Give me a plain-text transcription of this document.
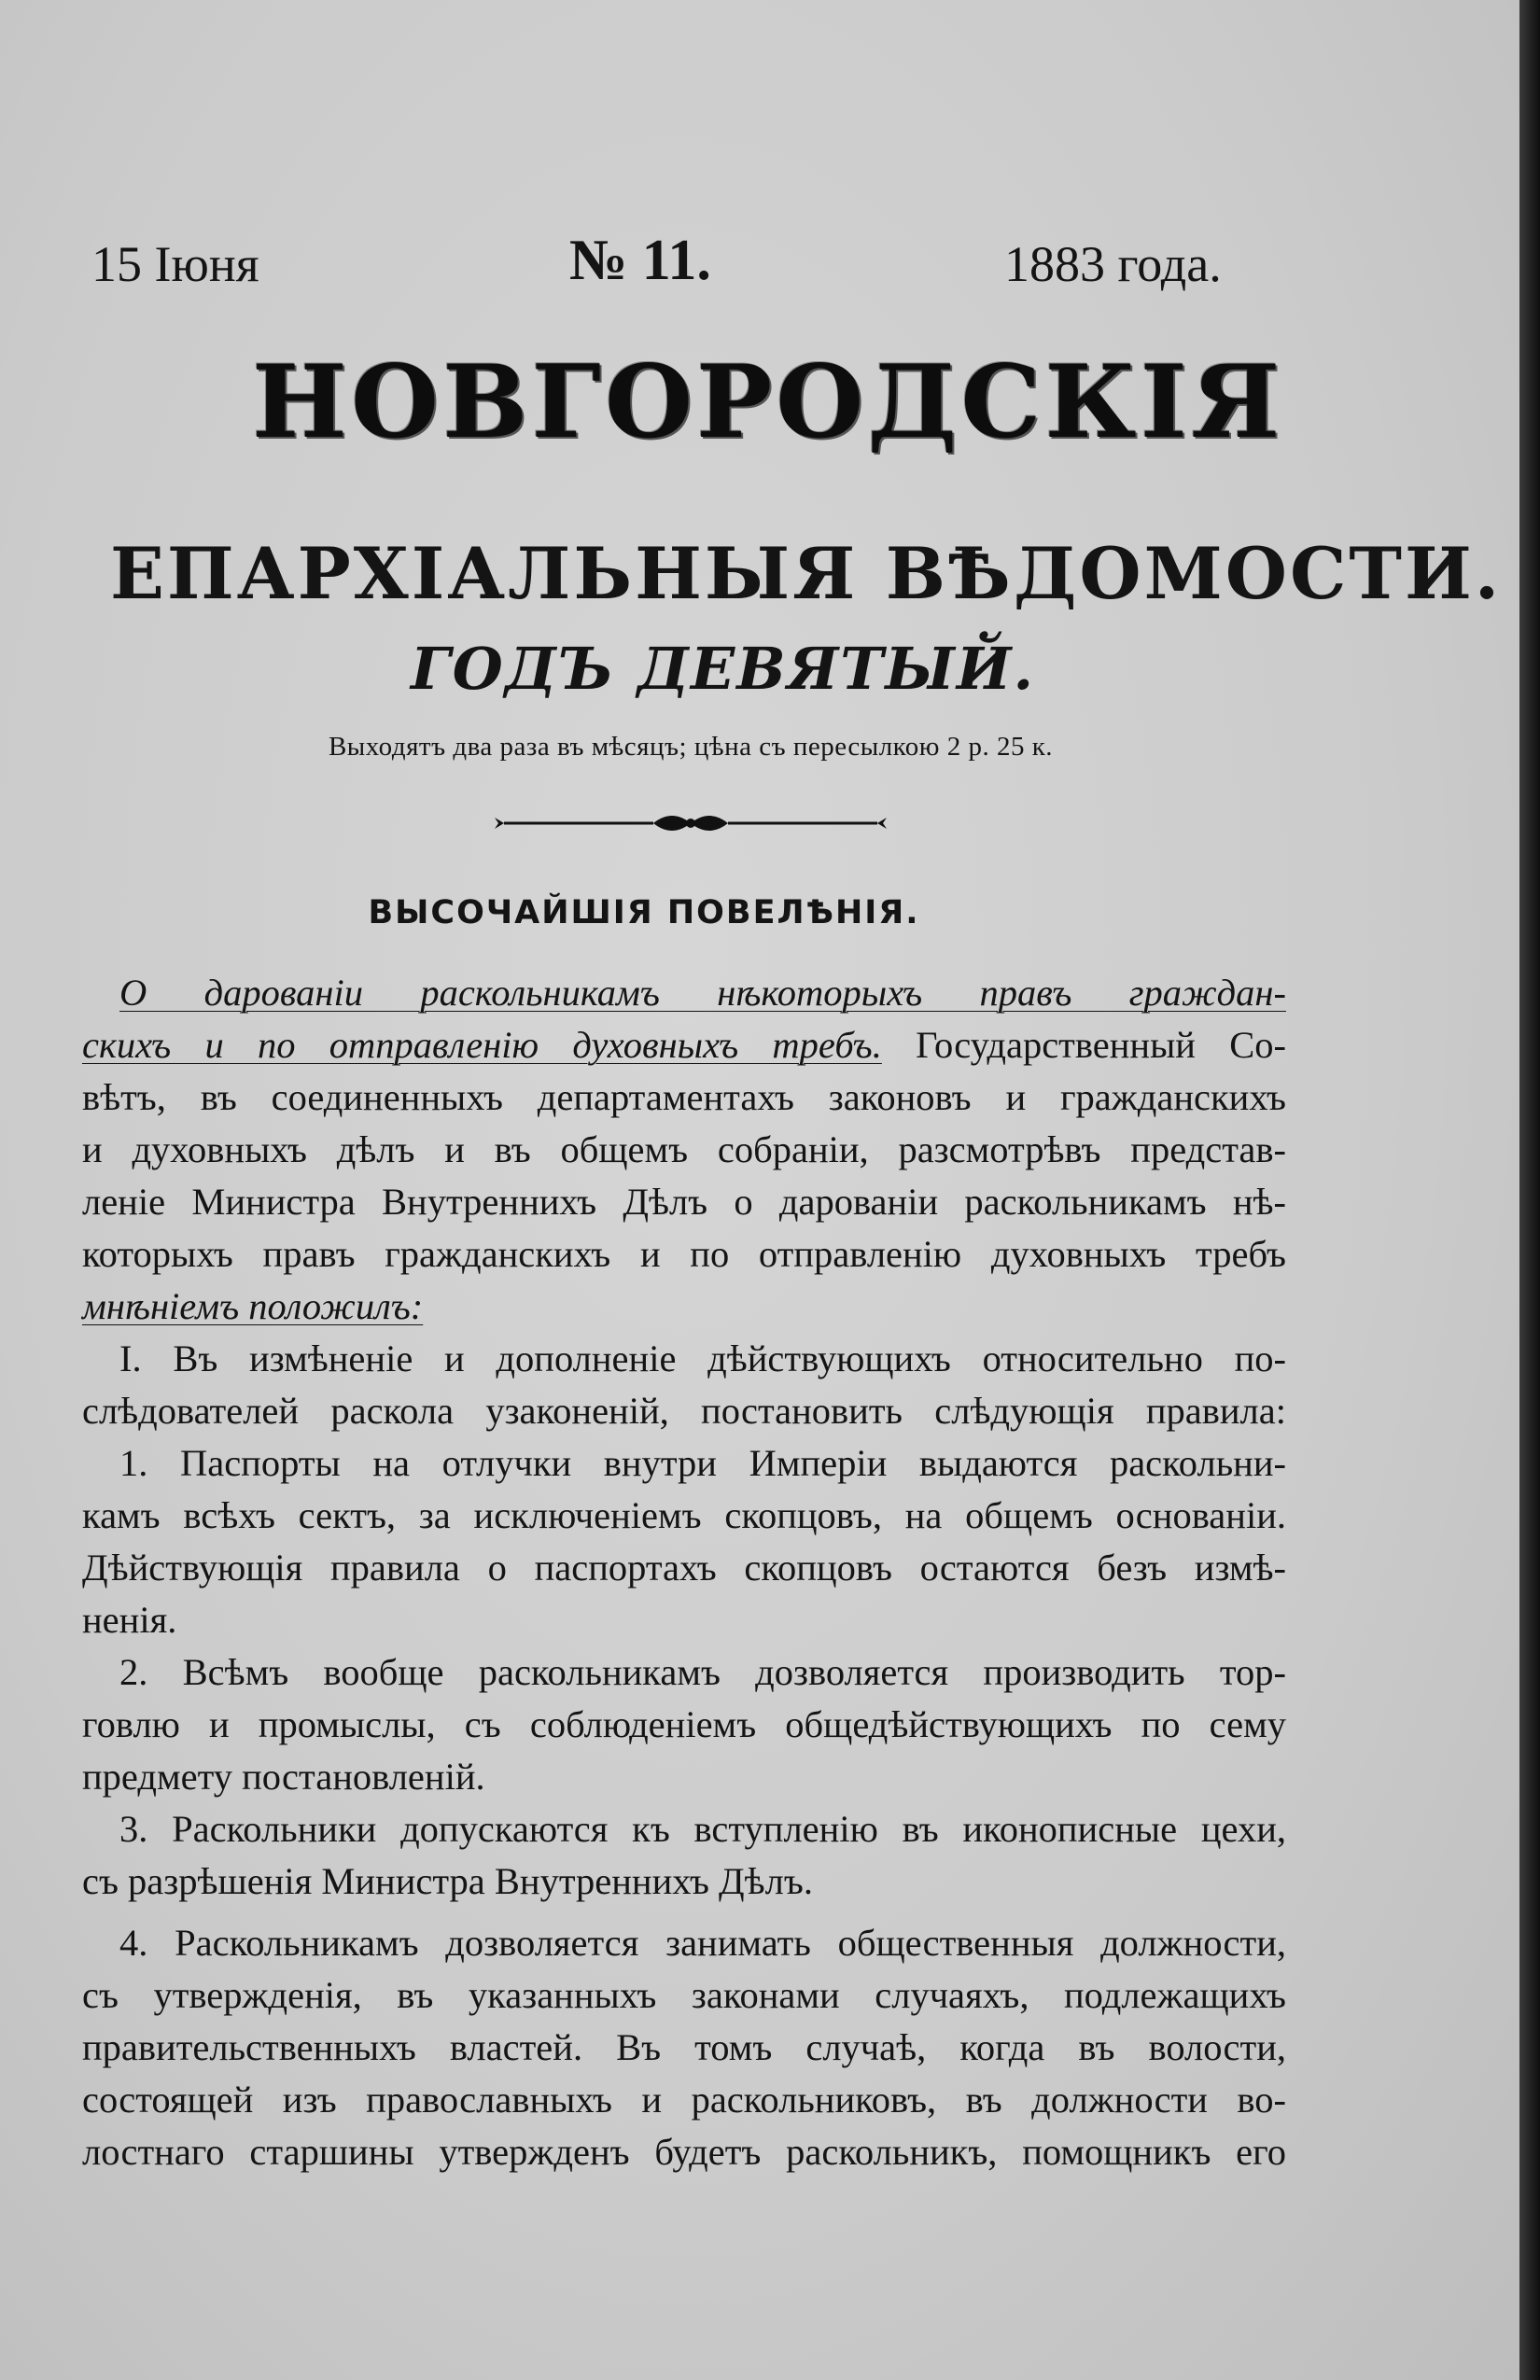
15 Іюня	№ 11.	1883 года.
НОВГОРОДСКІЯ
ЕПАРХІАЛЬНЫЯ ВѢДОМОСТИ.
ГОДЪ ДЕВЯТЫЙ.
Выходятъ два раза въ мѣсяцъ; цѣна съ пересылкою 2 р. 25 к.
ВЫСОЧАЙШІЯ ПОВЕЛѢНІЯ.
О дарованіи раскольникамъ нѣкоторыхъ правъ граждан-
скихъ и по отправленію духовныхъ требъ. Государственный Со-
вѣтъ, въ соединенныхъ департаментахъ законовъ и гражданскихъ
и духовныхъ дѣлъ и въ общемъ собраніи, разсмотрѣвъ представ-
леніе Министра Внутреннихъ Дѣлъ о дарованіи раскольникамъ нѣ-
которыхъ правъ гражданскихъ и по отправленію духовныхъ требъ
мнѣніемъ положилъ:
I. Въ измѣненіе и дополненіе дѣйствующихъ относительно по-
слѣдователей раскола узаконеній, постановить слѣдующія правила:
1. Паспорты на отлучки внутри Имперіи выдаются раскольни-
камъ всѣхъ сектъ, за исключеніемъ скопцовъ, на общемъ основаніи.
Дѣйствующія правила о паспортахъ скопцовъ остаются безъ измѣ-
ненія.
2. Всѣмъ вообще раскольникамъ дозволяется производить тор-
говлю и промыслы, съ соблюденіемъ общедѣйствующихъ по сему
предмету постановленій.
3. Раскольники допускаются къ вступленію въ иконописные цехи,
съ разрѣшенія Министра Внутреннихъ Дѣлъ.
4. Раскольникамъ дозволяется занимать общественныя должности,
съ утвержденія, въ указанныхъ законами случаяхъ, подлежащихъ
правительственныхъ властей. Въ томъ случаѣ, когда въ волости,
состоящей изъ православныхъ и раскольниковъ, въ должности во-
лостнаго старшины утвержденъ будетъ раскольникъ, помощникъ его
